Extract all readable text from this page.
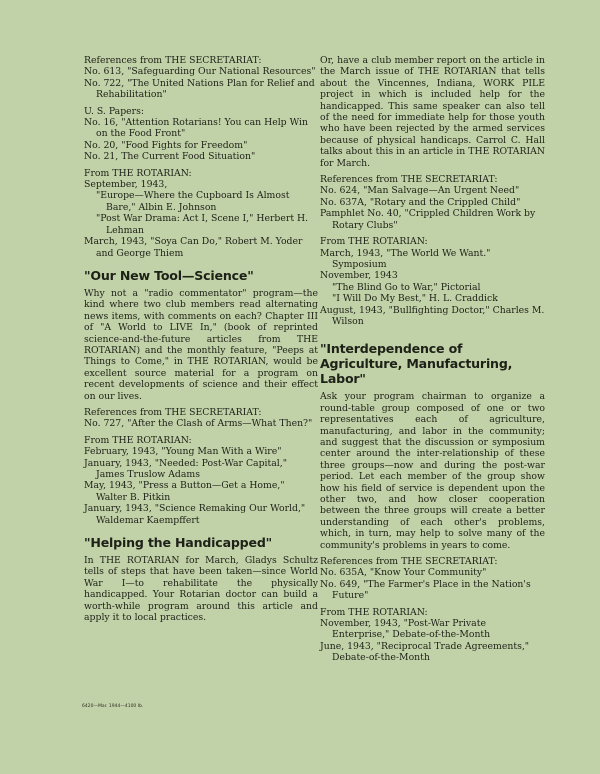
References from THE SECRETARIAT:

No. 613, "Safeguarding Our National Resources"

No. 722, "The United Nations Plan for Relief and Rehabilitation"

U. S. Papers:

No. 16, "Attention Rotarians! You can Help Win on the Food Front"

No. 20, "Food Fights for Freedom"

No. 21, The Current Food Situation"

From THE ROTARIAN:

September, 1943,

"Europe—Where the Cupboard Is Almost Bare," Albin E. Johnson

"Post War Drama: Act I, Scene I," Herbert H. Lehman

March, 1943, "Soya Can Do," Robert M. Yoder and George Thiem

"Our New Tool—Science"

Why not a "radio commentator" program—the kind where two club members read alternating news items, with comments on each? Chapter III of "A World to LIVE In," (book of reprinted science-and-the-future articles from THE ROTARIAN) and the monthly feature, "Peeps at Things to Come," in THE ROTARIAN, would be excellent source material for a program on recent developments of science and their effect on our lives.

References from THE SECRETARIAT:

No. 727, "After the Clash of Arms—What Then?"

From THE ROTARIAN:

February, 1943, "Young Man With a Wire"

January, 1943, "Needed: Post-War Capital," James Truslow Adams

May, 1943, "Press a Button—Get a Home," Walter B. Pitkin

January, 1943, "Science Remaking Our World," Waldemar Kaempffert

"Helping the Handicapped"

In THE ROTARIAN for March, Gladys Schultz tells of steps that have been taken—since World War I—to rehabilitate the physically handicapped. Your Rotarian doctor can build a worth-while program around this article and apply it to local practices.

Or, have a club member report on the article in the March issue of THE ROTARIAN that tells about the Vincennes, Indiana, WORK PILE project in which is included help for the handicapped. This same speaker can also tell of the need for immediate help for those youth who have been rejected by the armed services because of physical handicaps. Carrol C. Hall talks about this in an article in THE ROTARIAN for March.

References from THE SECRETARIAT:

No. 624, "Man Salvage—An Urgent Need"

No. 637A, "Rotary and the Crippled Child"

Pamphlet No. 40, "Crippled Children Work by Rotary Clubs"

From THE ROTARIAN:

March, 1943, "The World We Want." Symposium

November, 1943

"The Blind Go to War," Pictorial

"I Will Do My Best," H. L. Craddick

August, 1943, "Bullfighting Doctor," Charles M. Wilson

"Interdependence of Agriculture, Manufacturing, Labor"

Ask your program chairman to organize a round-table group composed of one or two representatives each of agriculture, manufacturing, and labor in the community; and suggest that the discussion or symposium center around the inter-relationship of these three groups—now and during the post-war period. Let each member of the group show how his field of service is dependent upon the other two, and how closer cooperation between the three groups will create a better understanding of each other's problems, which, in turn, may help to solve many of the community's problems in years to come.

References from THE SECRETARIAT:

No. 635A, "Know Your Community"

No. 649, "The Farmer's Place in the Nation's Future"

From THE ROTARIAN:

November, 1943, "Post-War Private Enterprise," Debate-of-the-Month

June, 1943, "Reciprocal Trade Agreements," Debate-of-the-Month

6420—Mar. 1944—4100 Ib.
